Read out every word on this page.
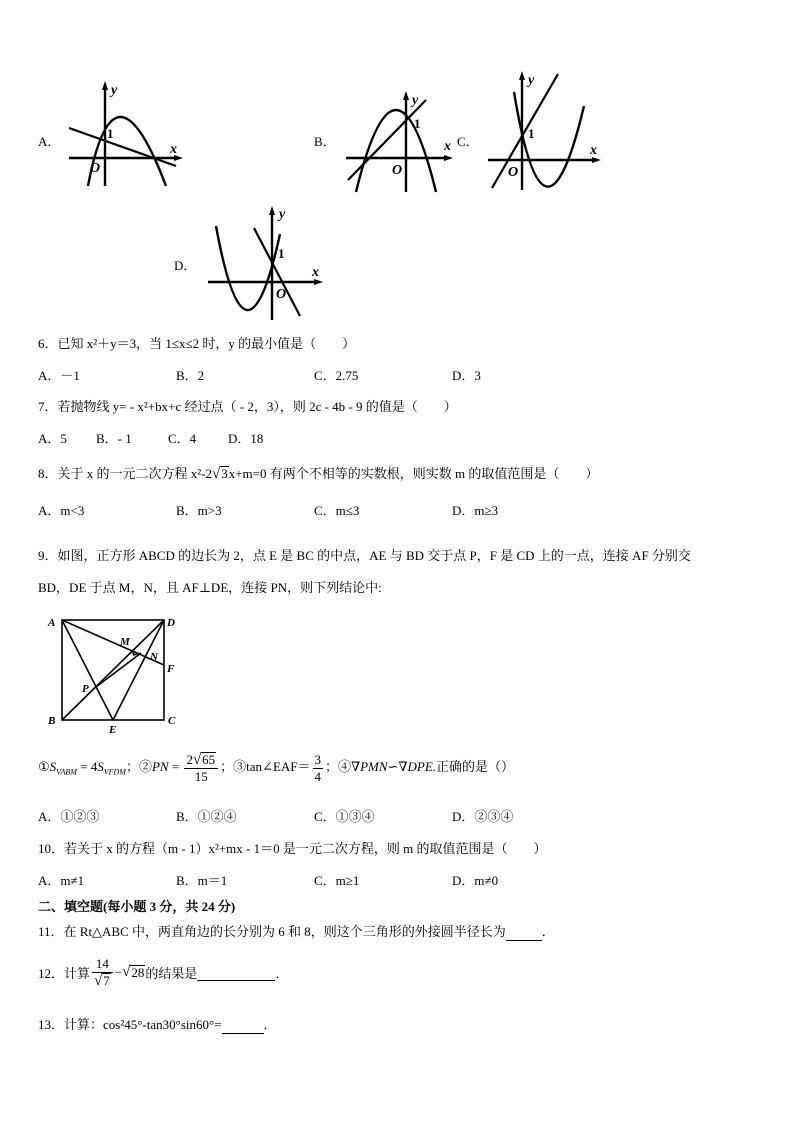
A．
y
x
O
1
B．
y
x
O
1
C．
y
x
O
1
D．
y
x
O
1
6．已知 x²＋y＝3，当 1≤x≤2 时，y 的最小值是（　　）
A．－1	B．2	C．2.75	D．3
7．若抛物线 y= - x²+bx+c 经过点（ - 2，3），则 2c - 4b - 9 的值是（　　）
A．5 B．- 1	C．4 D．18
8．关于 x 的一元二次方程 x²-2√3x+m=0 有两个不相等的实数根，则实数 m 的取值范围是（　　）
A．m<3	B．m>3	C．m≤3	D．m≥3
9．如图，正方形 ABCD 的边长为 2，点 E 是 BC 的中点，AE 与 BD 交于点 P，F 是 CD 上的一点，连接 AF 分别交
BD，DE 于点 M，N，且 AF⊥DE，连接 PN，则下列结论中:
A	D
B	C
E
F
M
N
P
$①S_{VABM} = 4S_{VFDM}$；②PN = $\frac{2√65}{15}$ ；③tan∠EAF＝ $\frac{3}{4}$ ；④∇PMN∽∇DPE.正确的是（）
A．①②③	B．①②④	C．①③④	D．②③④
10．若关于 x 的方程（m - 1）x²+mx - 1＝0 是一元二次方程，则 m 的取值范围是（　　）
A．m≠1	B．m＝1	C．m≥1	D．m≠0
二、填空题(每小题 3 分，共 24 分)
11．在 Rt△ABC 中，两直角边的长分别为 6 和 8，则这个三角形的外接圆半径长为	．
12．计算 $\frac{14}{√7} -√28$的结果是	．
13．计算：cos²45°-tan30°sin60°=	．
